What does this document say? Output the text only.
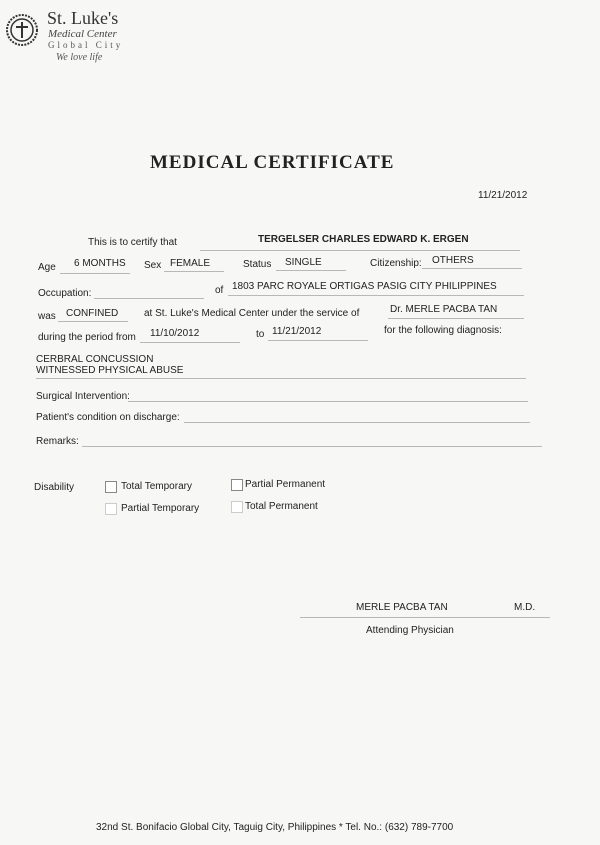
St. Luke's
Medical Center
Global City
We love life
MEDICAL CERTIFICATE
11/21/2012
This is to certify that	TERGELSER CHARLES EDWARD K. ERGEN
Age 6 MONTHS Sex FEMALE	Status SINGLE	Citizenship: OTHERS
Occupation:	of 1803 PARC ROYALE ORTIGAS PASIG CITY PHILIPPINES
was CONFINED	at St. Luke's Medical Center under the service of	Dr. MERLE PACBA TAN
during the period from 11/10/2012	to 11/21/2012	for the following diagnosis:
CERBRAL CONCUSSION
WITNESSED PHYSICAL ABUSE
Surgical Intervention:
Patient's condition on discharge:
Remarks:
Disability	Total Temporary	Partial Permanent
Partial Temporary	Total Permanent
MERLE PACBA TAN	M.D.
Attending Physician
32nd St. Bonifacio Global City, Taguig City, Philippines * Tel. No.: (632) 789-7700
